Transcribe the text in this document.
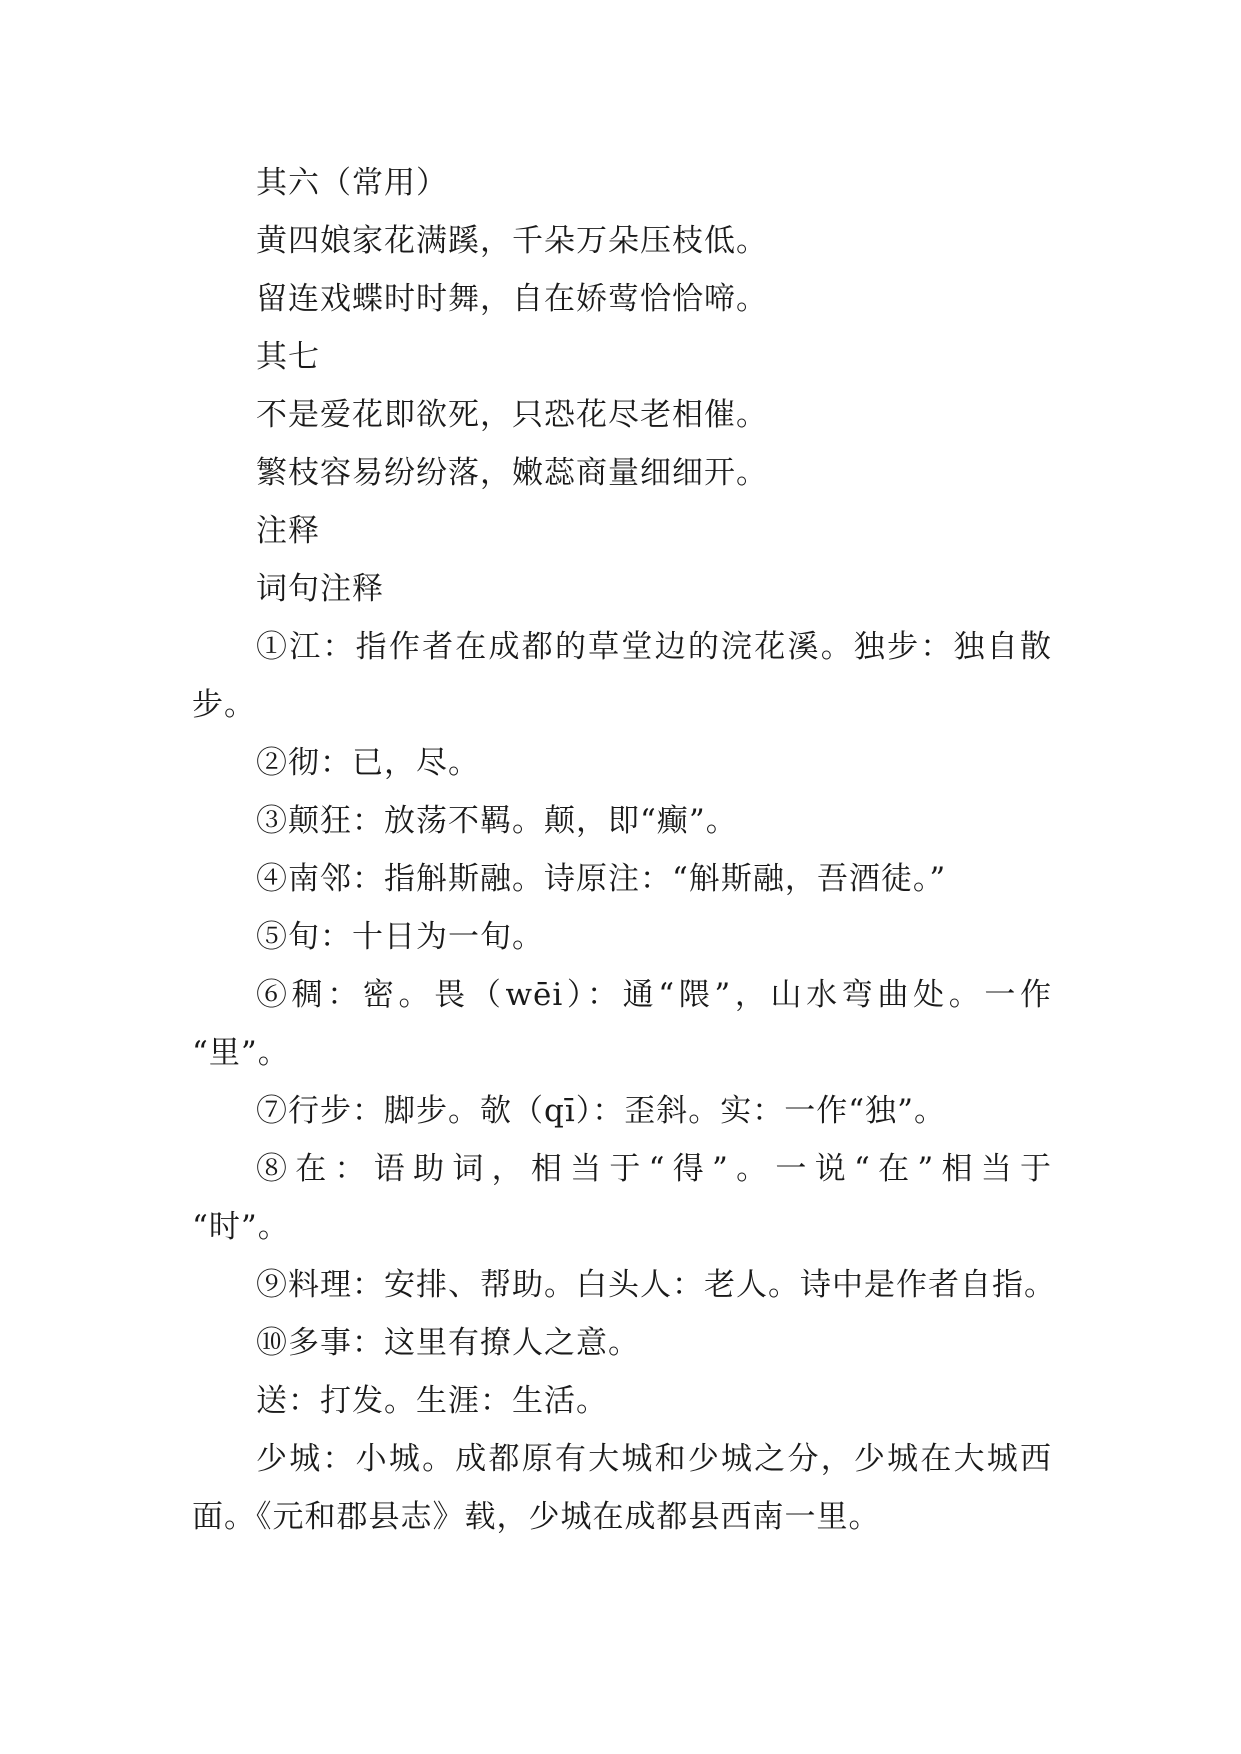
其六（常用）
黄四娘家花满蹊，千朵万朵压枝低。
留连戏蝶时时舞，自在娇莺恰恰啼。
其七
不是爱花即欲死，只恐花尽老相催。
繁枝容易纷纷落，嫩蕊商量细细开。
注释
词句注释
①江：指作者在成都的草堂边的浣花溪。独步：独自散
步。
②彻：已，尽。
③颠狂：放荡不羁。颠，即“癫”。
④南邻：指斛斯融。诗原注：“斛斯融，吾酒徒。”
⑤旬：十日为一旬。
⑥稠：密。畏（wēi）：通“隈”，山水弯曲处。一作
“里”。
⑦行步：脚步。欹（qī）：歪斜。实：一作“独”。
⑧在：语助词，相当于“得”。一说“在”相当于
“时”。
⑨料理：安排、帮助。白头人：老人。诗中是作者自指。
⑩多事：这里有撩人之意。
送：打发。生涯：生活。
少城：小城。成都原有大城和少城之分，少城在大城西
面。《元和郡县志》载，少城在成都县西南一里。
